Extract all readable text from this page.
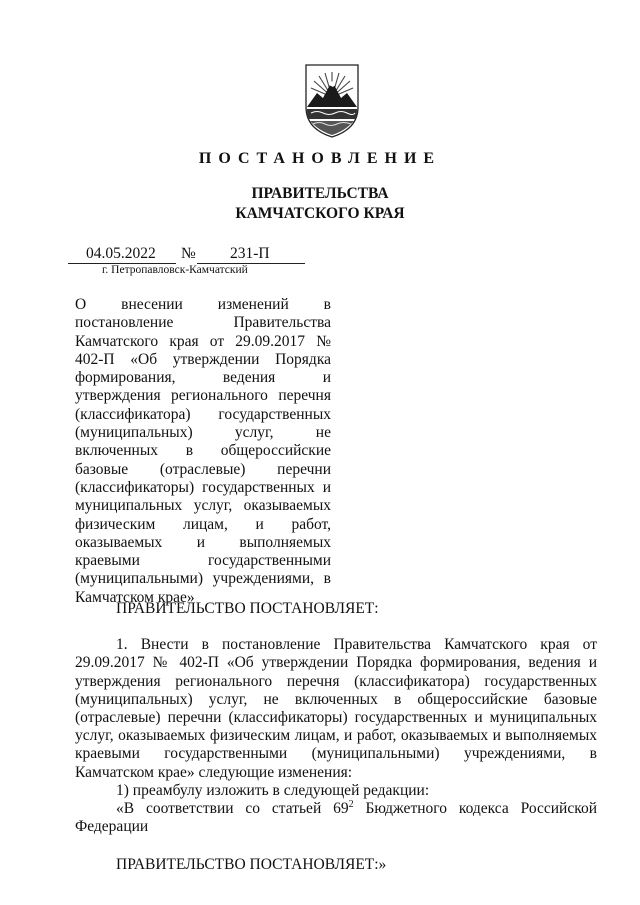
ПОСТАНОВЛЕНИЕ
ПРАВИТЕЛЬСТВА
КАМЧАТСКОГО КРАЯ
04.05.2022 № 231-П
г. Петропавловск-Камчатский
О внесении изменений в постановление Правительства Камчатского края от 29.09.2017 № 402-П «Об утверждении Порядка формирования, ведения и утверждения регионального перечня (классификатора) государственных (муниципальных) услуг, не включенных в общероссийские базовые (отраслевые) перечни (классификаторы) государственных и муниципальных услуг, оказываемых физическим лицам, и работ, оказываемых и выполняемых краевыми государственными (муниципальными) учреждениями, в Камчатском крае»

ПРАВИТЕЛЬСТВО ПОСТАНОВЛЯЕТ:

1. Внести в постановление Правительства Камчатского края от 29.09.2017 № 402-П «Об утверждении Порядка формирования, ведения и утверждения регионального перечня (классификатора) государственных (муниципальных) услуг, не включенных в общероссийские базовые (отраслевые) перечни (классификаторы) государственных и муниципальных услуг, оказываемых физическим лицам, и работ, оказываемых и выполняемых краевыми государственными (муниципальными) учреждениями, в Камчатском крае» следующие изменения:

1) преамбулу изложить в следующей редакции:

«В соответствии со статьей $69^2$ Бюджетного кодекса Российской Федерации

ПРАВИТЕЛЬСТВО ПОСТАНОВЛЯЕТ:»
